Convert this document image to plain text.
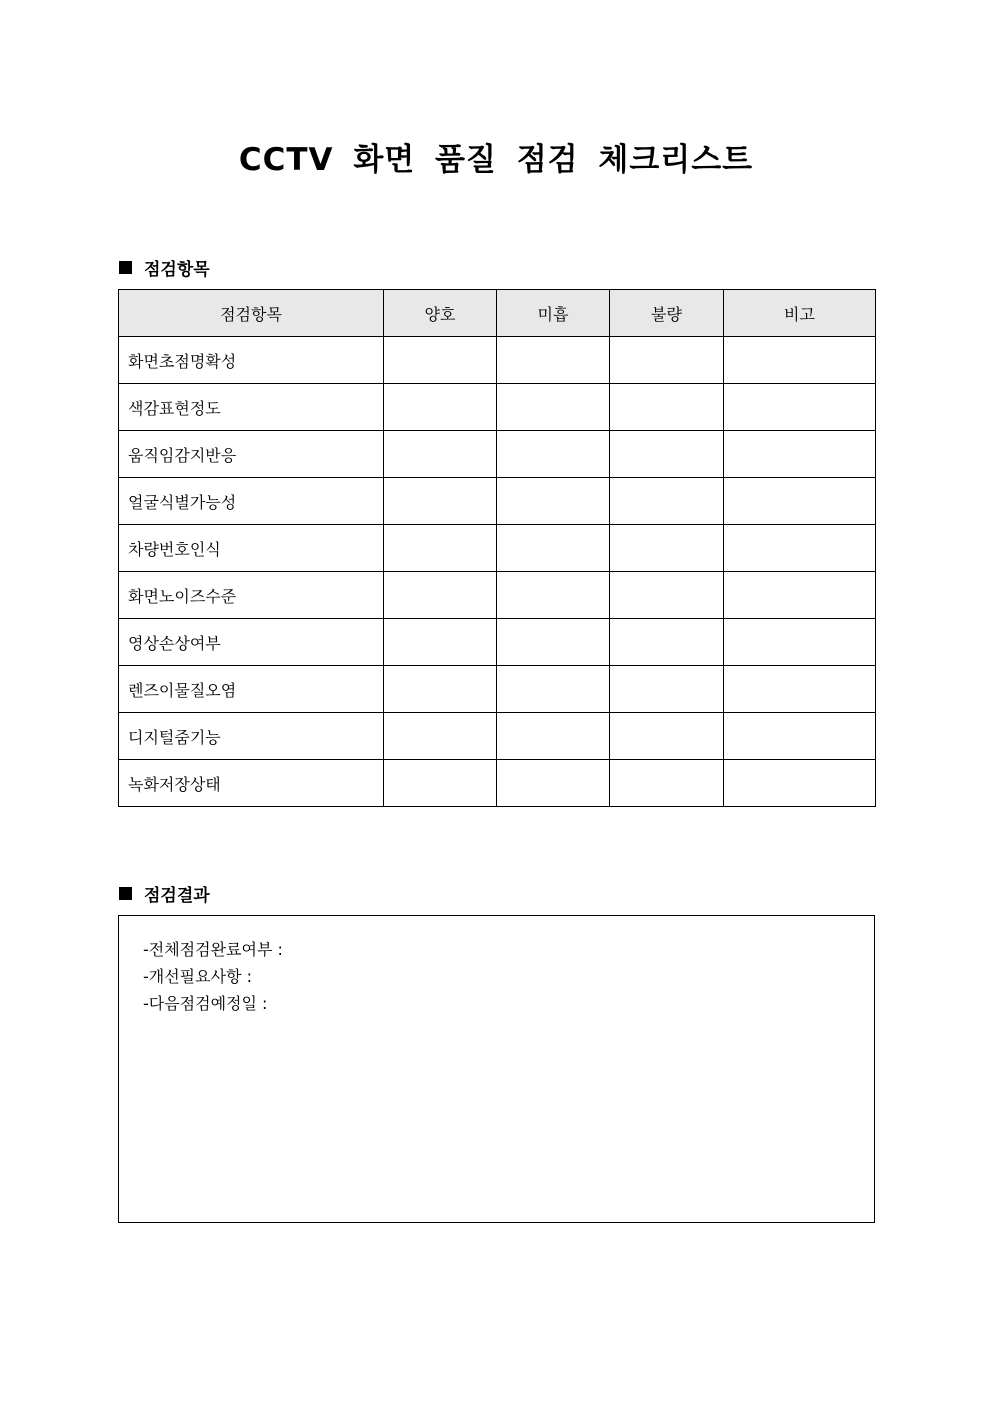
CCTV 화면 품질 점검 체크리스트
점검항목
점검항목	양호	미흡	불량	비고
화면초점명확성				
색감표현정도				
움직임감지반응				
얼굴식별가능성				
차량번호인식				
화면노이즈수준				
영상손상여부				
렌즈이물질오염				
디지털줌기능				
녹화저장상태				
점검결과
-전체점검완료여부 :
-개선필요사항 :
-다음점검예정일 :
